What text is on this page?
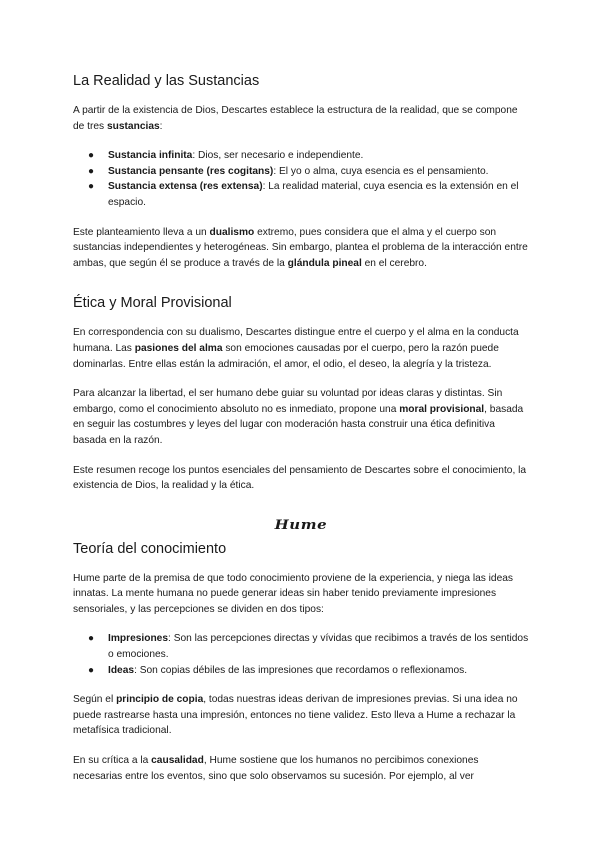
La Realidad y las Sustancias

A partir de la existencia de Dios, Descartes establece la estructura de la realidad, que se compone de tres sustancias:

● Sustancia infinita: Dios, ser necesario e independiente.
● Sustancia pensante (res cogitans): El yo o alma, cuya esencia es el pensamiento.
● Sustancia extensa (res extensa): La realidad material, cuya esencia es la extensión en el espacio.

Este planteamiento lleva a un dualismo extremo, pues considera que el alma y el cuerpo son sustancias independientes y heterogéneas. Sin embargo, plantea el problema de la interacción entre ambas, que según él se produce a través de la glándula pineal en el cerebro.

Ética y Moral Provisional

En correspondencia con su dualismo, Descartes distingue entre el cuerpo y el alma en la conducta humana. Las pasiones del alma son emociones causadas por el cuerpo, pero la razón puede dominarlas. Entre ellas están la admiración, el amor, el odio, el deseo, la alegría y la tristeza.

Para alcanzar la libertad, el ser humano debe guiar su voluntad por ideas claras y distintas. Sin embargo, como el conocimiento absoluto no es inmediato, propone una moral provisional, basada en seguir las costumbres y leyes del lugar con moderación hasta construir una ética definitiva basada en la razón.

Este resumen recoge los puntos esenciales del pensamiento de Descartes sobre el conocimiento, la existencia de Dios, la realidad y la ética.

Hume
Teoría del conocimiento

Hume parte de la premisa de que todo conocimiento proviene de la experiencia, y niega las ideas innatas. La mente humana no puede generar ideas sin haber tenido previamente impresiones sensoriales, y las percepciones se dividen en dos tipos:

● Impresiones: Son las percepciones directas y vívidas que recibimos a través de los sentidos o emociones.
● Ideas: Son copias débiles de las impresiones que recordamos o reflexionamos.

Según el principio de copia, todas nuestras ideas derivan de impresiones previas. Si una idea no puede rastrearse hasta una impresión, entonces no tiene validez. Esto lleva a Hume a rechazar la metafísica tradicional.

En su crítica a la causalidad, Hume sostiene que los humanos no percibimos conexiones necesarias entre los eventos, sino que solo observamos su sucesión. Por ejemplo, al ver
